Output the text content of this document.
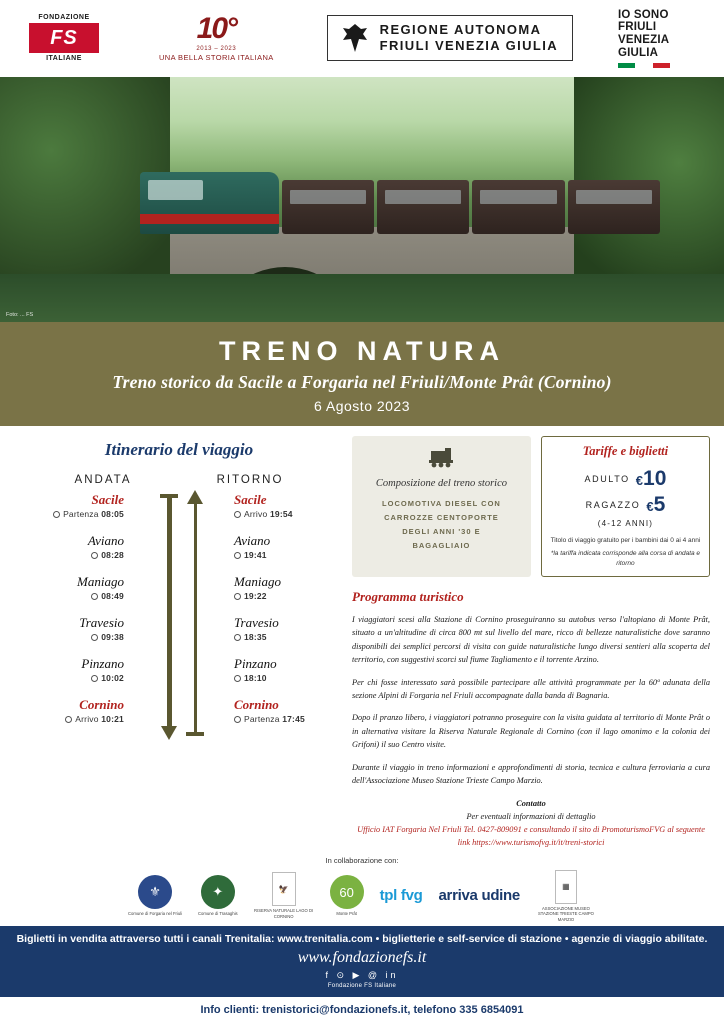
FONDAZIONE
FS
ITALIANE
10°
2013 – 2023
UNA BELLA STORIA ITALIANA
REGIONE AUTONOMA
FRIULI VENEZIA GIULIA
IO SONO
FRIULI
VENEZIA
GIULIA
Foto: ... FS
TRENO NATURA
Treno storico da Sacile a Forgaria nel Friuli/Monte Prât (Cornino)
6 Agosto 2023
Itinerario del viaggio
ANDATA	RITORNO
Sacile
Partenza 08:05
Aviano
08:28
Maniago
08:49
Travesio
09:38
Pinzano
10:02
Cornino
Arrivo 10:21
Sacile
Arrivo 19:54
Aviano
19:41
Maniago
19:22
Travesio
18:35
Pinzano
18:10
Cornino
Partenza 17:45
Composizione del treno storico
LOCOMOTIVA DIESEL CON
CARROZZE CENTOPORTE
DEGLI ANNI '30 E
BAGAGLIAIO
Tariffe e biglietti
ADULTO €10
RAGAZZO €5
(4-12 ANNI)
Titolo di viaggio gratuito per i bambini dai 0 ai 4 anni
*la tariffa indicata corrisponde alla corsa di andata e ritorno
Programma turistico
I viaggiatori scesi alla Stazione di Cornino proseguiranno su autobus verso l'altopiano di Monte Prât, situato a un'altitudine di circa 800 mt sul livello del mare, ricco di bellezze naturalistiche dove saranno disponibili dei semplici percorsi di visita con guide naturalistiche lungo diversi sentieri alla scoperta del territorio, con suggestivi scorci sul fiume Tagliamento e il torrente Arzino.
Per chi fosse interessato sarà possibile partecipare alle attività programmate per la 60ª adunata della sezione Alpini di Forgaria nel Friuli accompagnate dalla banda di Bagnaria.
Dopo il pranzo libero, i viaggiatori potranno proseguire con la visita guidata al territorio di Monte Prât o in alternativa visitare la Riserva Naturale Regionale di Cornino (con il lago omonimo e la colonia dei Grifoni) il suo Centro visite.
Durante il viaggio in treno informazioni e approfondimenti di storia, tecnica e cultura ferroviaria a cura dell'Associazione Museo Stazione Trieste Campo Marzio.
Contatto
Per eventuali informazioni di dettaglio
Ufficio IAT Forgaria Nel Friuli Tel. 0427-809091 e consultando il sito di PromoturismoFVG al seguente link https://www.turismofvg.it/it/treni-storici
In collaborazione con:
⚜
Comune di Forgaria nel Friuli
✦
Comune di Trasaghis
🦅
RISERVA NATURALE LAGO DI CORNINO
60
Monte Prât
tpl fvg arriva udine
▦
ASSOCIAZIONE MUSEO STAZIONE TRIESTE CAMPO MARZIO
Biglietti in vendita attraverso tutti i canali Trenitalia: www.trenitalia.com • biglietterie e self-service di stazione • agenzie di viaggio abilitate.
www.fondazionefs.it
f ⊙ ▶ @ in
Fondazione FS Italiane
Info clienti: trenistorici@fondazionefs.it, telefono 335 6854091
